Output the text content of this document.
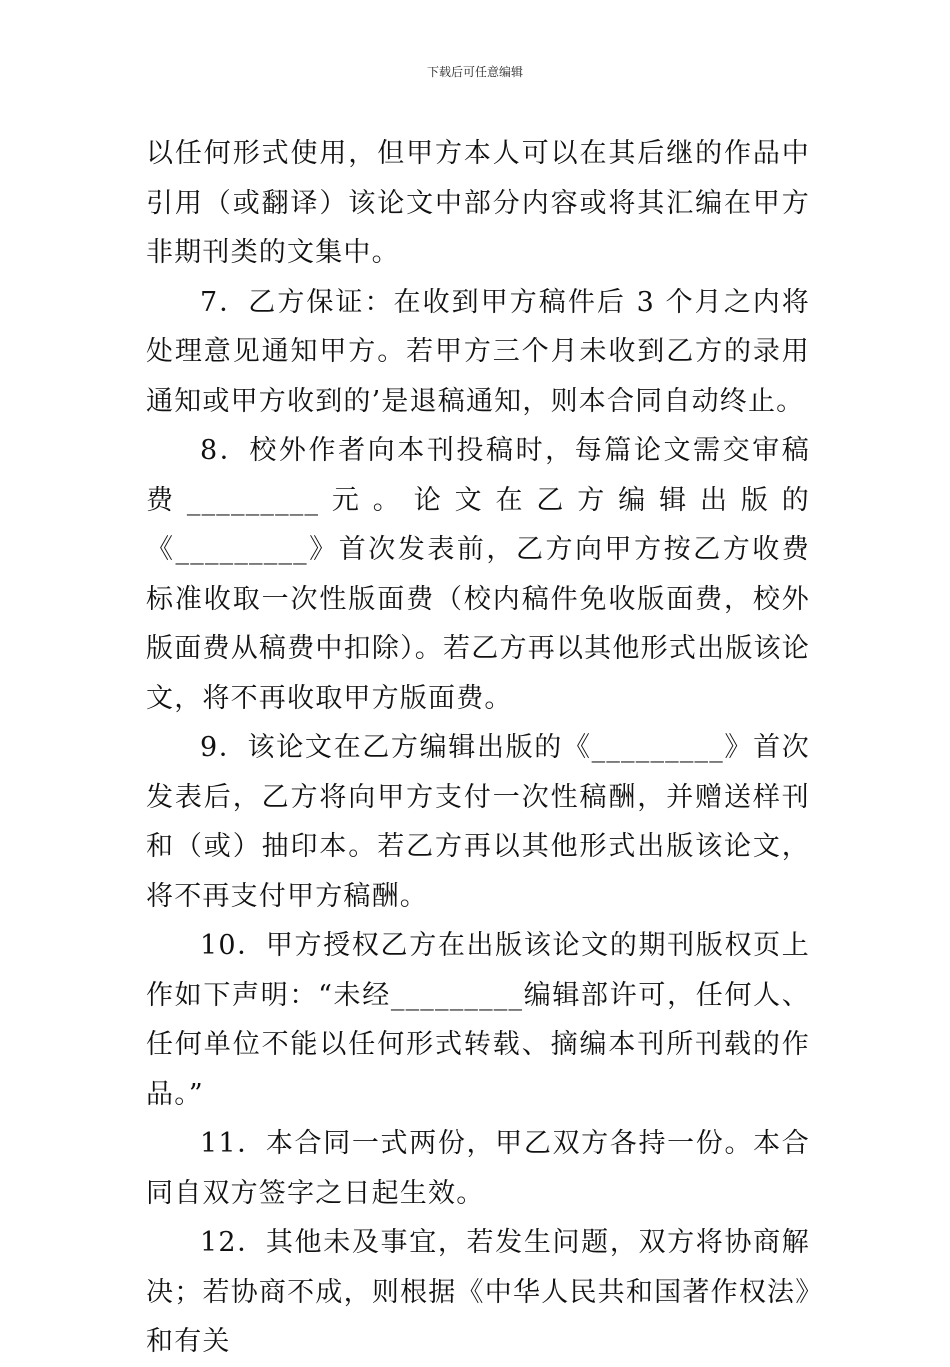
下载后可任意编辑

以任何形式使用，但甲方本人可以在其后继的作品中引用（或翻译）该论文中部分内容或将其汇编在甲方非期刊类的文集中。

7．乙方保证：在收到甲方稿件后 3 个月之内将处理意见通知甲方。若甲方三个月未收到乙方的录用通知或甲方收到的’是退稿通知，则本合同自动终止。

8．校外作者向本刊投稿时，每篇论文需交审稿费_________元。论文在乙方编辑出版的《_________》首次发表前，乙方向甲方按乙方收费标准收取一次性版面费（校内稿件免收版面费，校外版面费从稿费中扣除）。若乙方再以其他形式出版该论文，将不再收取甲方版面费。

9．该论文在乙方编辑出版的《_________》首次发表后，乙方将向甲方支付一次性稿酬，并赠送样刊和（或）抽印本。若乙方再以其他形式出版该论文，将不再支付甲方稿酬。

10．甲方授权乙方在出版该论文的期刊版权页上作如下声明：“未经_________编辑部许可，任何人、任何单位不能以任何形式转载、摘编本刊所刊载的作品。”

11．本合同一式两份，甲乙双方各持一份。本合同自双方签字之日起生效。

12．其他未及事宜，若发生问题，双方将协商解决；若协商不成，则根据《中华人民共和国著作权法》和有关
